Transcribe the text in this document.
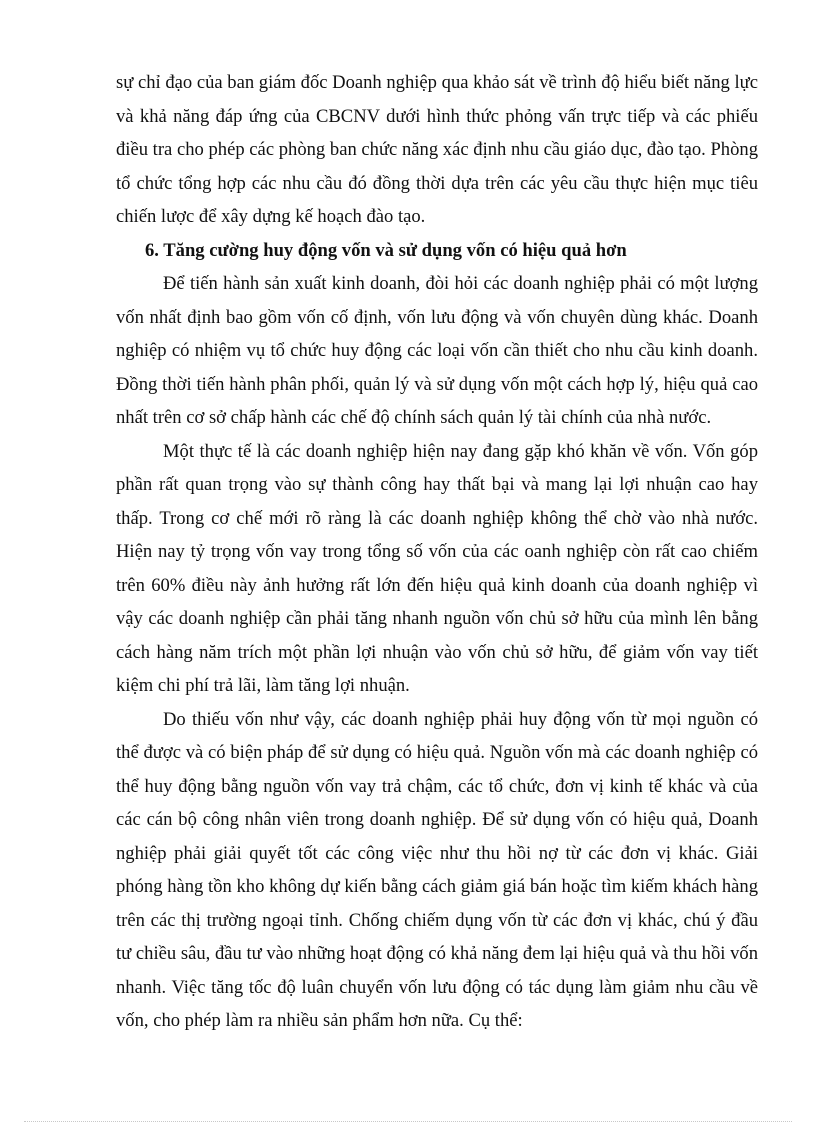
sự chỉ đạo của ban giám đốc Doanh nghiệp qua khảo sát về trình độ hiểu biết năng lực và khả năng đáp ứng của CBCNV dưới hình thức phỏng vấn trực tiếp và các phiếu điều tra cho phép các phòng ban chức năng xác định nhu cầu giáo dục, đào tạo. Phòng tổ chức tổng hợp các nhu cầu đó đồng thời dựa trên các yêu cầu thực hiện mục tiêu chiến lược để xây dựng kế hoạch đào tạo.

6. Tăng cường huy động vốn và sử dụng vốn có hiệu quả hơn

Để tiến hành sản xuất kinh doanh, đòi hỏi các doanh nghiệp phải có một lượng vốn nhất định bao gồm vốn cố định, vốn lưu động và vốn chuyên dùng khác. Doanh nghiệp có nhiệm vụ tổ chức huy động các loại vốn cần thiết cho nhu cầu kinh doanh. Đồng thời tiến hành phân phối, quản lý và sử dụng vốn một cách hợp lý, hiệu quả cao nhất trên cơ sở chấp hành các chế độ chính sách quản lý tài chính của nhà nước.

Một thực tế là các doanh nghiệp hiện nay đang gặp khó khăn về vốn. Vốn góp phần rất quan trọng vào sự thành công hay thất bại và mang lại lợi nhuận cao hay thấp. Trong cơ chế mới rõ ràng là các doanh nghiệp không thể chờ vào nhà nước. Hiện nay tỷ trọng vốn vay trong tổng số vốn của các oanh nghiệp còn rất cao chiếm trên 60% điều này ảnh hưởng rất lớn đến hiệu quả kinh doanh của doanh nghiệp vì vậy các doanh nghiệp cần phải tăng nhanh nguồn vốn chủ sở hữu của mình lên bằng cách hàng năm trích một phần lợi nhuận vào vốn chủ sở hữu, để giảm vốn vay tiết kiệm chi phí trả lãi, làm tăng lợi nhuận.

Do thiếu vốn như vậy, các doanh nghiệp phải huy động vốn từ mọi nguồn có thể được và có biện pháp để sử dụng có hiệu quả. Nguồn vốn mà các doanh nghiệp có thể huy động bằng nguồn vốn vay trả chậm, các tổ chức, đơn vị kinh tế khác và của các cán bộ công nhân viên trong doanh nghiệp. Để sử dụng vốn có hiệu quả, Doanh nghiệp phải giải quyết tốt các công việc như thu hồi nợ từ các đơn vị khác. Giải phóng hàng tồn kho không dự kiến bằng cách giảm giá bán hoặc tìm kiếm khách hàng trên các thị trường ngoại tỉnh. Chống chiếm dụng vốn từ các đơn vị khác, chú ý đầu tư chiều sâu, đầu tư vào những hoạt động có khả năng đem lại hiệu quả và thu hồi vốn nhanh. Việc tăng tốc độ luân chuyển vốn lưu động có tác dụng làm giảm nhu cầu về vốn, cho phép làm ra nhiều sản phẩm hơn nữa. Cụ thể:
